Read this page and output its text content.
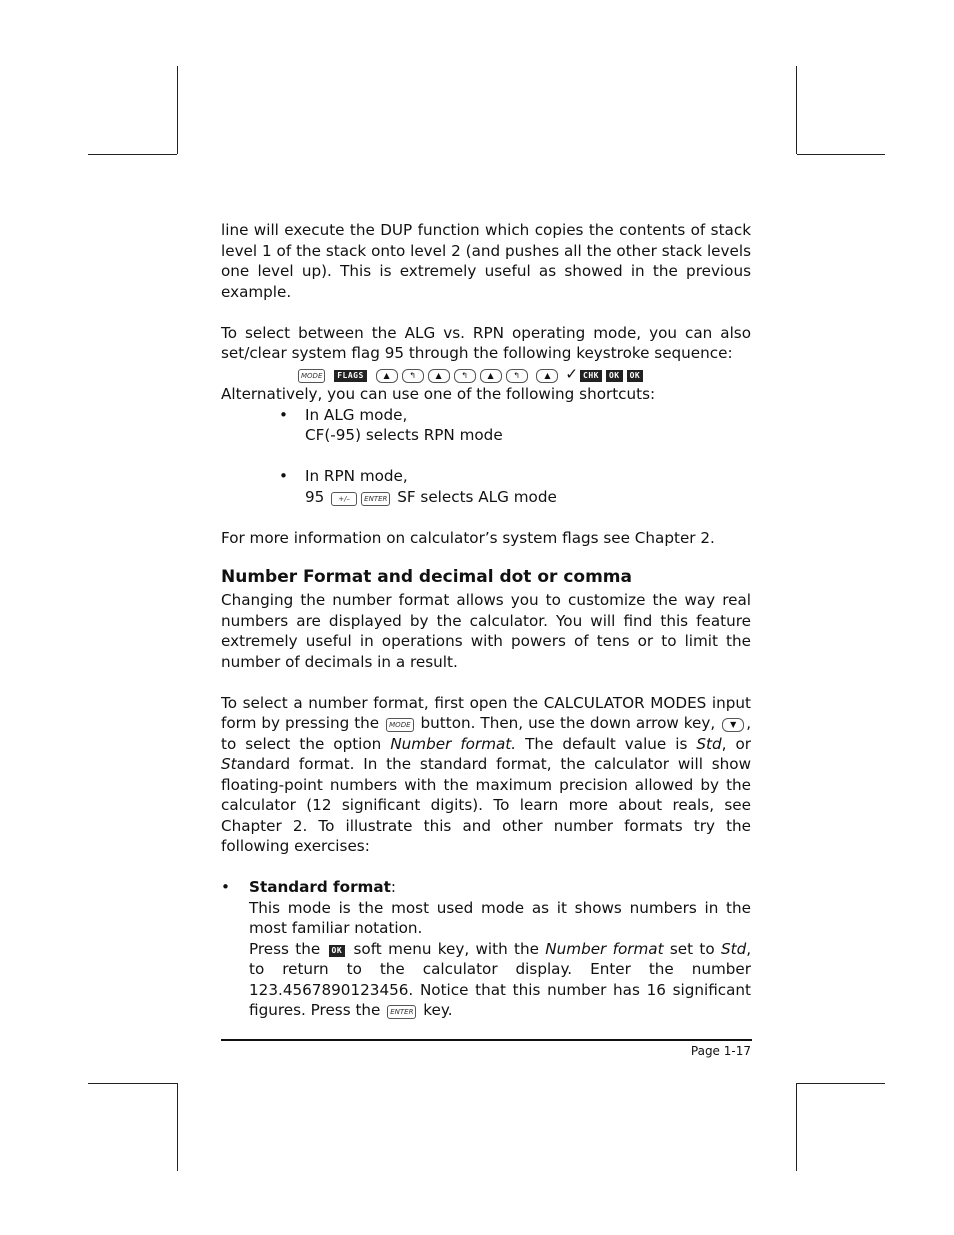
line will execute the DUP function which copies the contents of stack level 1 of the stack onto level 2 (and pushes all the other stack levels one level up). This is extremely useful as showed in the previous example.

To select between the ALG vs. RPN operating mode, you can also set/clear system flag 95 through the following keystroke sequence:

MODE FLAGS ▲ ↰ ▲ ↰ ▲ ↰	▲ ✓ CHK OK OK

Alternatively, you can use one of the following shortcuts:

• In ALG mode,
CF(-95) selects RPN mode
• In RPN mode,
95 +/– ENTER SF selects ALG mode

For more information on calculator’s system flags see Chapter 2.

Number Format and decimal dot or comma

Changing the number format allows you to customize the way real numbers are displayed by the calculator. You will find this feature extremely useful in operations with powers of tens or to limit the number of decimals in a result.

To select a number format, first open the CALCULATOR MODES input form by pressing the MODE button. Then, use the down arrow key, ▼ , to select the option Number format. The default value is Std, or Standard format. In the standard format, the calculator will show floating-point numbers with the maximum precision allowed by the calculator (12 significant digits). To learn more about reals, see Chapter 2. To illustrate this and other number formats try the following exercises:

• Standard format:

This mode is the most used mode as it shows numbers in the most familiar notation.

Press the OK soft menu key, with the Number format set to Std, to return to the calculator display. Enter the number 123.4567890123456. Notice that this number has 16 significant figures. Press the ENTER key.

Page 1-17
